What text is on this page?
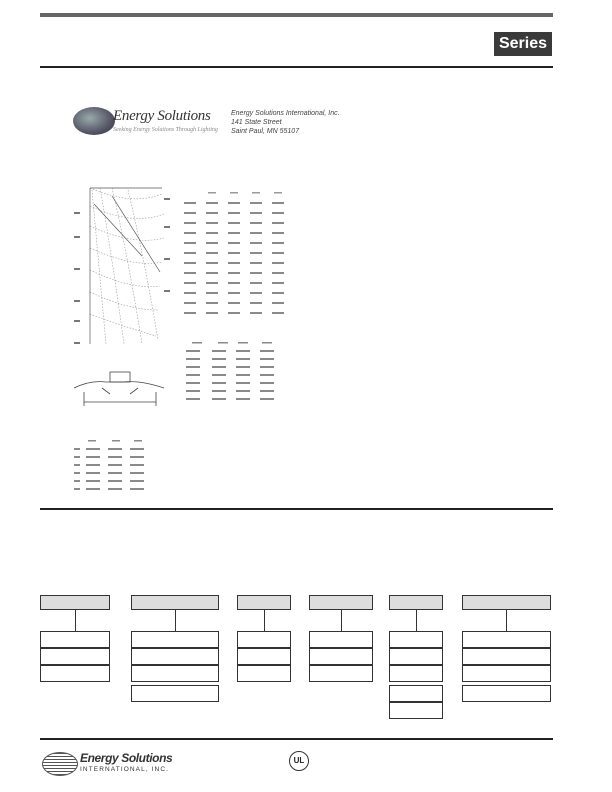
Series
Energy Solutions
Seeking Energy Solutions Through Lighting
Energy Solutions International, Inc.
141 State Street
Saint Paul, MN 55107
Energy Solutions
INTERNATIONAL, INC.
UL
